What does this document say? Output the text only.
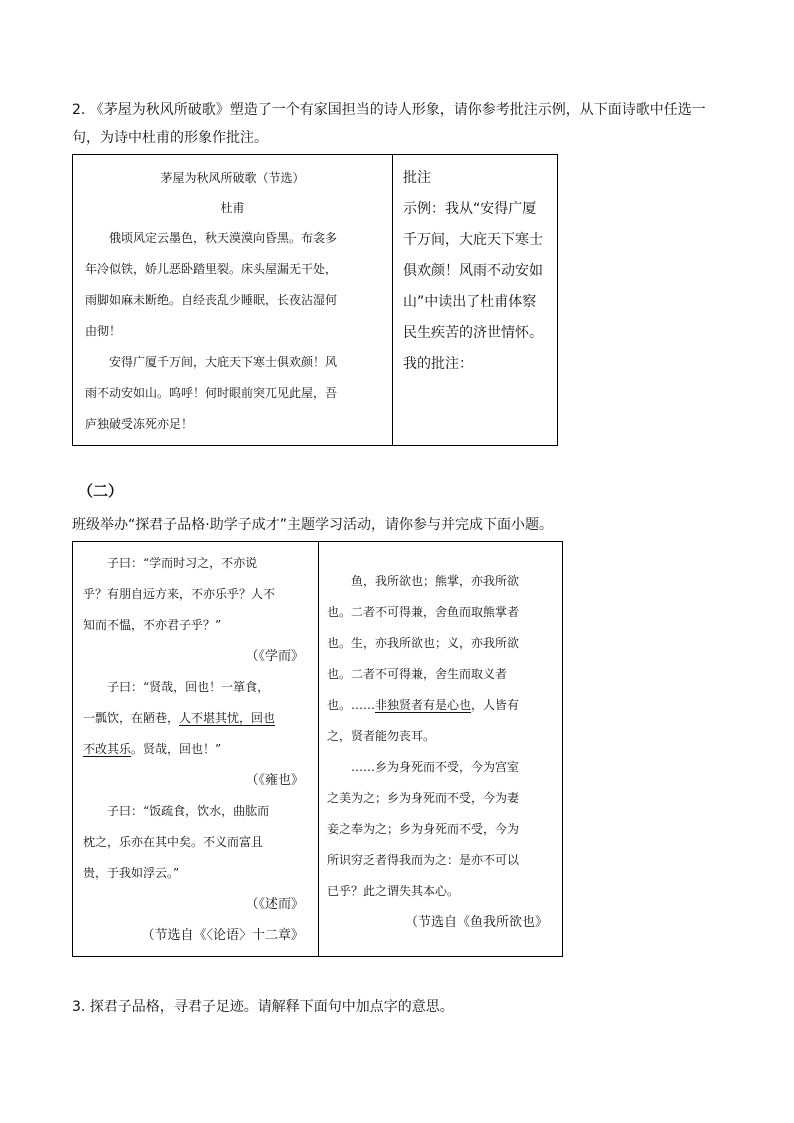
2. 《茅屋为秋风所破歌》塑造了一个有家国担当的诗人形象，请你参考批注示例，从下面诗歌中任选一句，为诗中杜甫的形象作批注。
茅屋为秋风所破歌（节选）
杜甫
俄顷风定云墨色，秋天漠漠向昏黑。布衾多
年冷似铁，娇儿恶卧踏里裂。床头屋漏无干处，
雨脚如麻未断绝。自经丧乱少睡眠，长夜沾湿何
由彻！
安得广厦千万间，大庇天下寒士俱欢颜！风
雨不动安如山。呜呼！何时眼前突兀见此屋，吾
庐独破受冻死亦足！
批注
示例：我从“安得广厦
千万间，大庇天下寒士
俱欢颜！风雨不动安如
山”中读出了杜甫体察
民生疾苦的济世情怀。
我的批注：
（二）
班级举办“探君子品格·助学子成才”主题学习活动，请你参与并完成下面小题。
子曰：“学而时习之，不亦说
乎？有朋自远方来，不亦乐乎？人不
知而不愠，不亦君子乎？”
（《学而》
子曰：“贤哉，回也！一箪食，
一瓢饮，在陋巷，人不堪其忧，回也
不改其乐。贤哉，回也！”
（《雍也》
子曰：“饭疏食，饮水，曲肱而
枕之，乐亦在其中矣。不义而富且
贵，于我如浮云。”
（《述而》
（节选自《〈论语〉十二章》
鱼，我所欲也；熊掌，亦我所欲
也。二者不可得兼，舍鱼而取熊掌者
也。生，亦我所欲也；义，亦我所欲
也。二者不可得兼，舍生而取义者
也。……非独贤者有是心也，人皆有
之，贤者能勿丧耳。
……乡为身死而不受，今为宫室
之美为之；乡为身死而不受，今为妻
妾之奉为之；乡为身死而不受，今为
所识穷乏者得我而为之：是亦不可以
已乎？此之谓失其本心。
（节选自《鱼我所欲也》
3. 探君子品格，寻君子足迹。请解释下面句中加点字的意思。
